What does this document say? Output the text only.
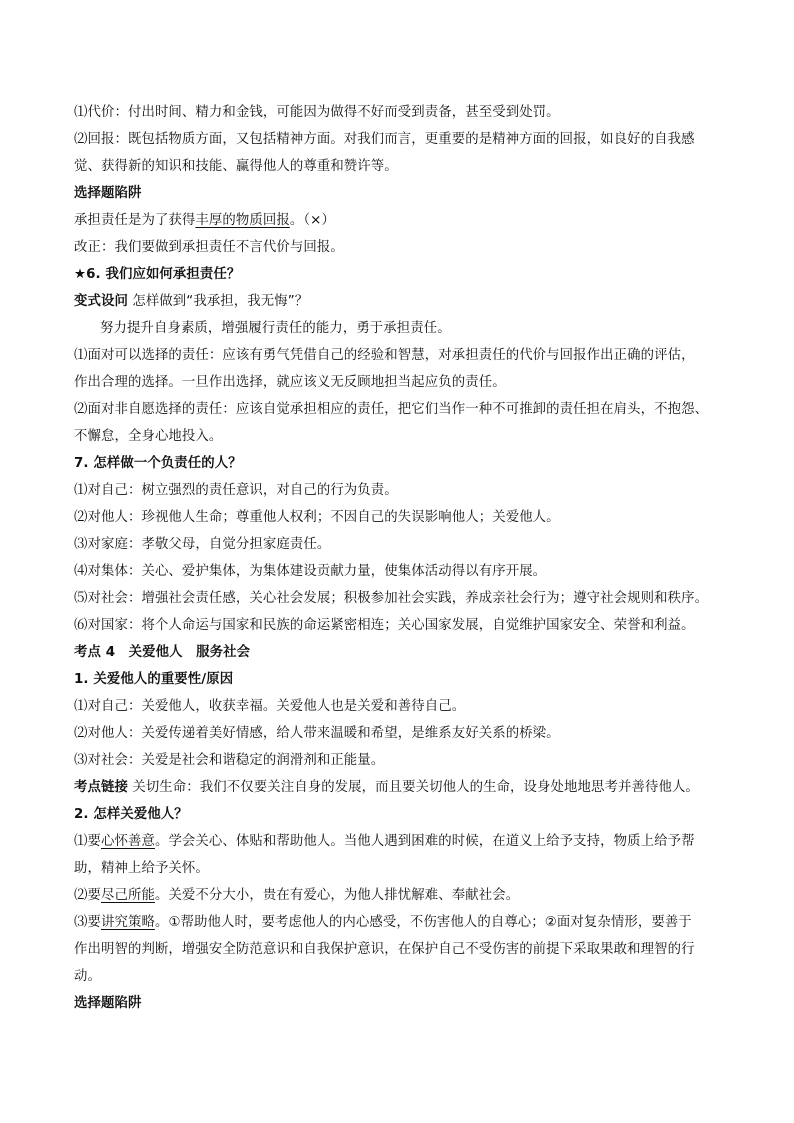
⑴代价：付出时间、精力和金钱，可能因为做得不好而受到责备，甚至受到处罚。
⑵回报：既包括物质方面，又包括精神方面。对我们而言，更重要的是精神方面的回报，如良好的自我感
觉、获得新的知识和技能、赢得他人的尊重和赞许等。
选择题陷阱
承担责任是为了获得丰厚的物质回报。（×）
改正：我们要做到承担责任不言代价与回报。
★6. 我们应如何承担责任？
变式设问 怎样做到“我承担，我无悔”？
努力提升自身素质，增强履行责任的能力，勇于承担责任。
⑴面对可以选择的责任：应该有勇气凭借自己的经验和智慧，对承担责任的代价与回报作出正确的评估，
作出合理的选择。一旦作出选择，就应该义无反顾地担当起应负的责任。
⑵面对非自愿选择的责任：应该自觉承担相应的责任，把它们当作一种不可推卸的责任担在肩头，不抱怨、
不懈怠，全身心地投入。
7. 怎样做一个负责任的人？
⑴对自己：树立强烈的责任意识，对自己的行为负责。
⑵对他人：珍视他人生命；尊重他人权利；不因自己的失误影响他人；关爱他人。
⑶对家庭：孝敬父母，自觉分担家庭责任。
⑷对集体：关心、爱护集体，为集体建设贡献力量，使集体活动得以有序开展。
⑸对社会：增强社会责任感，关心社会发展；积极参加社会实践，养成亲社会行为；遵守社会规则和秩序。
⑹对国家：将个人命运与国家和民族的命运紧密相连；关心国家发展，自觉维护国家安全、荣誉和利益。
考点 4　关爱他人　服务社会
1. 关爱他人的重要性/原因
⑴对自己：关爱他人，收获幸福。关爱他人也是关爱和善待自己。
⑵对他人：关爱传递着美好情感，给人带来温暖和希望，是维系友好关系的桥梁。
⑶对社会：关爱是社会和谐稳定的润滑剂和正能量。
考点链接 关切生命：我们不仅要关注自身的发展，而且要关切他人的生命，设身处地地思考并善待他人。
2. 怎样关爱他人？
⑴要心怀善意。学会关心、体贴和帮助他人。当他人遇到困难的时候，在道义上给予支持，物质上给予帮
助，精神上给予关怀。
⑵要尽己所能。关爱不分大小，贵在有爱心，为他人排忧解难、奉献社会。
⑶要讲究策略。①帮助他人时，要考虑他人的内心感受，不伤害他人的自尊心；②面对复杂情形，要善于
作出明智的判断，增强安全防范意识和自我保护意识，在保护自己不受伤害的前提下采取果敢和理智的行
动。
选择题陷阱
